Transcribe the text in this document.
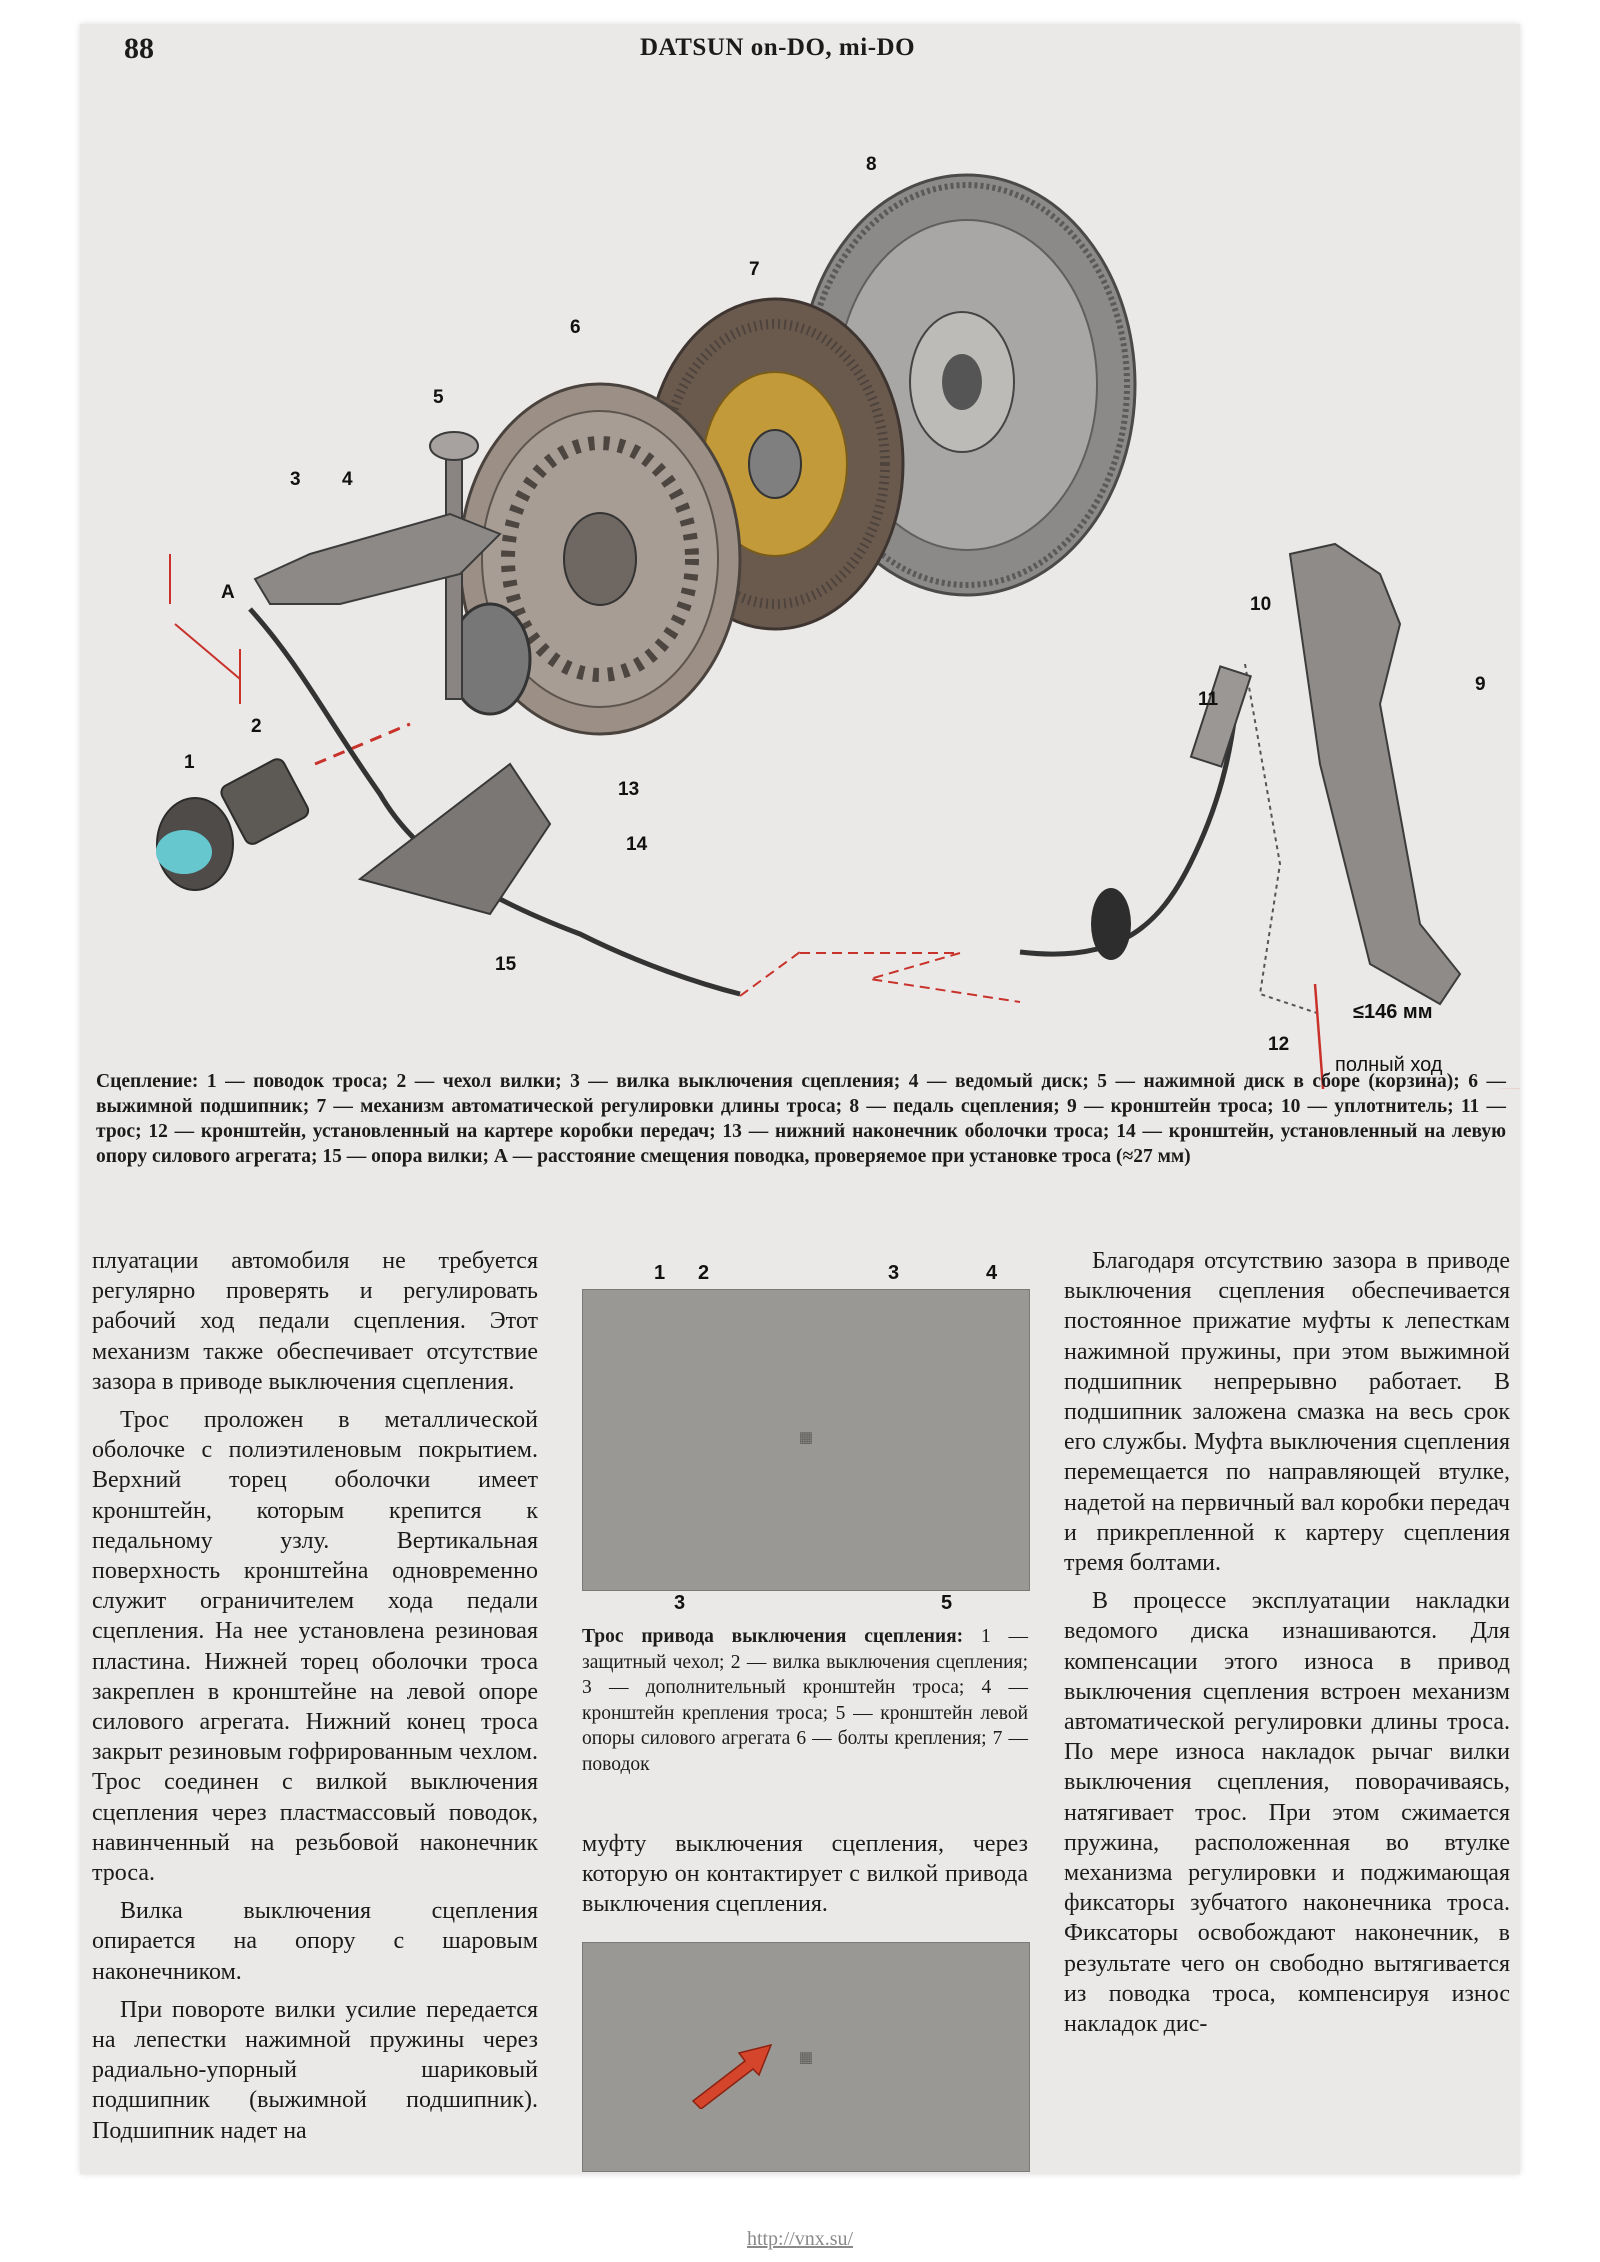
88	DATSUN on-DO, mi-DO
1
2
3 4
5
6
7
8
9
10
11
12
13
14
15
A
≤146 мм
полный ход
Сцепление: 1 — поводок троса; 2 — чехол вилки; 3 — вилка выключения сцепления; 4 — ведомый диск; 5 — нажимной диск в сборе (корзина); 6 — выжимной подшипник; 7 — механизм автоматической регулировки длины троса; 8 — педаль сцепления; 9 — кронштейн троса; 10 — уплотнитель; 11 — трос; 12 — кронштейн, установленный на картере коробки передач; 13 — нижний наконечник оболочки троса; 14 — кронштейн, установленный на левую опору силового агрегата; 15 — опора вилки; А — расстояние смещения поводка, проверяемое при установке троса (≈27 мм)

плуатации автомобиля не требуется регулярно проверять и регулировать рабочий ход педали сцепления. Этот механизм также обеспечивает отсутствие зазора в приводе выключения сцепления.

Трос проложен в металлической оболочке с полиэтиленовым покрытием. Верхний торец оболочки имеет кронштейн, которым крепится к педальному узлу. Вертикальная поверхность кронштейна одновременно служит ограничителем хода педали сцепления. На нее установлена резиновая пластина. Нижней торец оболочки троса закреплен в кронштейне на левой опоре силового агрегата. Нижний конец троса закрыт резиновым гофрированным чехлом. Трос соединен с вилкой выключения сцепления через пластмассовый поводок, навинченный на резьбовой наконечник троса.

Вилка выключения сцепления опирается на опору с шаровым наконечником.

При повороте вилки усилие передается на лепестки нажимной пружины через радиально-упорный шариковый подшипник (выжимной подшипник). Подшипник надет на

1 2	3	4
▦
3	5
Трос привода выключения сцепления: 1 — защитный чехол; 2 — вилка выключения сцепления; 3 — дополнительный кронштейн троса; 4 — кронштейн крепления троса; 5 — кронштейн левой опоры силового агрегата 6 — болты крепления; 7 — поводок
муфту выключения сцепления, через которую он контактирует с вилкой привода выключения сцепления.
▦

Благодаря отсутствию зазора в приводе выключения сцепления обеспечивается постоянное прижатие муфты к лепесткам нажимной пружины, при этом выжимной подшипник непрерывно работает. В подшипник заложена смазка на весь срок его службы. Муфта выключения сцепления перемещается по направляющей втулке, надетой на первичный вал коробки передач и прикрепленной к картеру сцепления тремя болтами.

В процессе эксплуатации накладки ведомого диска изнашиваются. Для компенсации этого износа в привод выключения сцепления встроен механизм автоматической регулировки длины троса. По мере износа накладок рычаг вилки выключения сцепления, поворачиваясь, натягивает трос. При этом сжимается пружина, расположенная во втулке механизма регулировки и поджимающая фиксаторы зубчатого наконечника троса. Фиксаторы освобождают наконечник, в результате чего он свободно вытягивается из поводка троса, компенсируя износ накладок дис-

http://vnx.su/
